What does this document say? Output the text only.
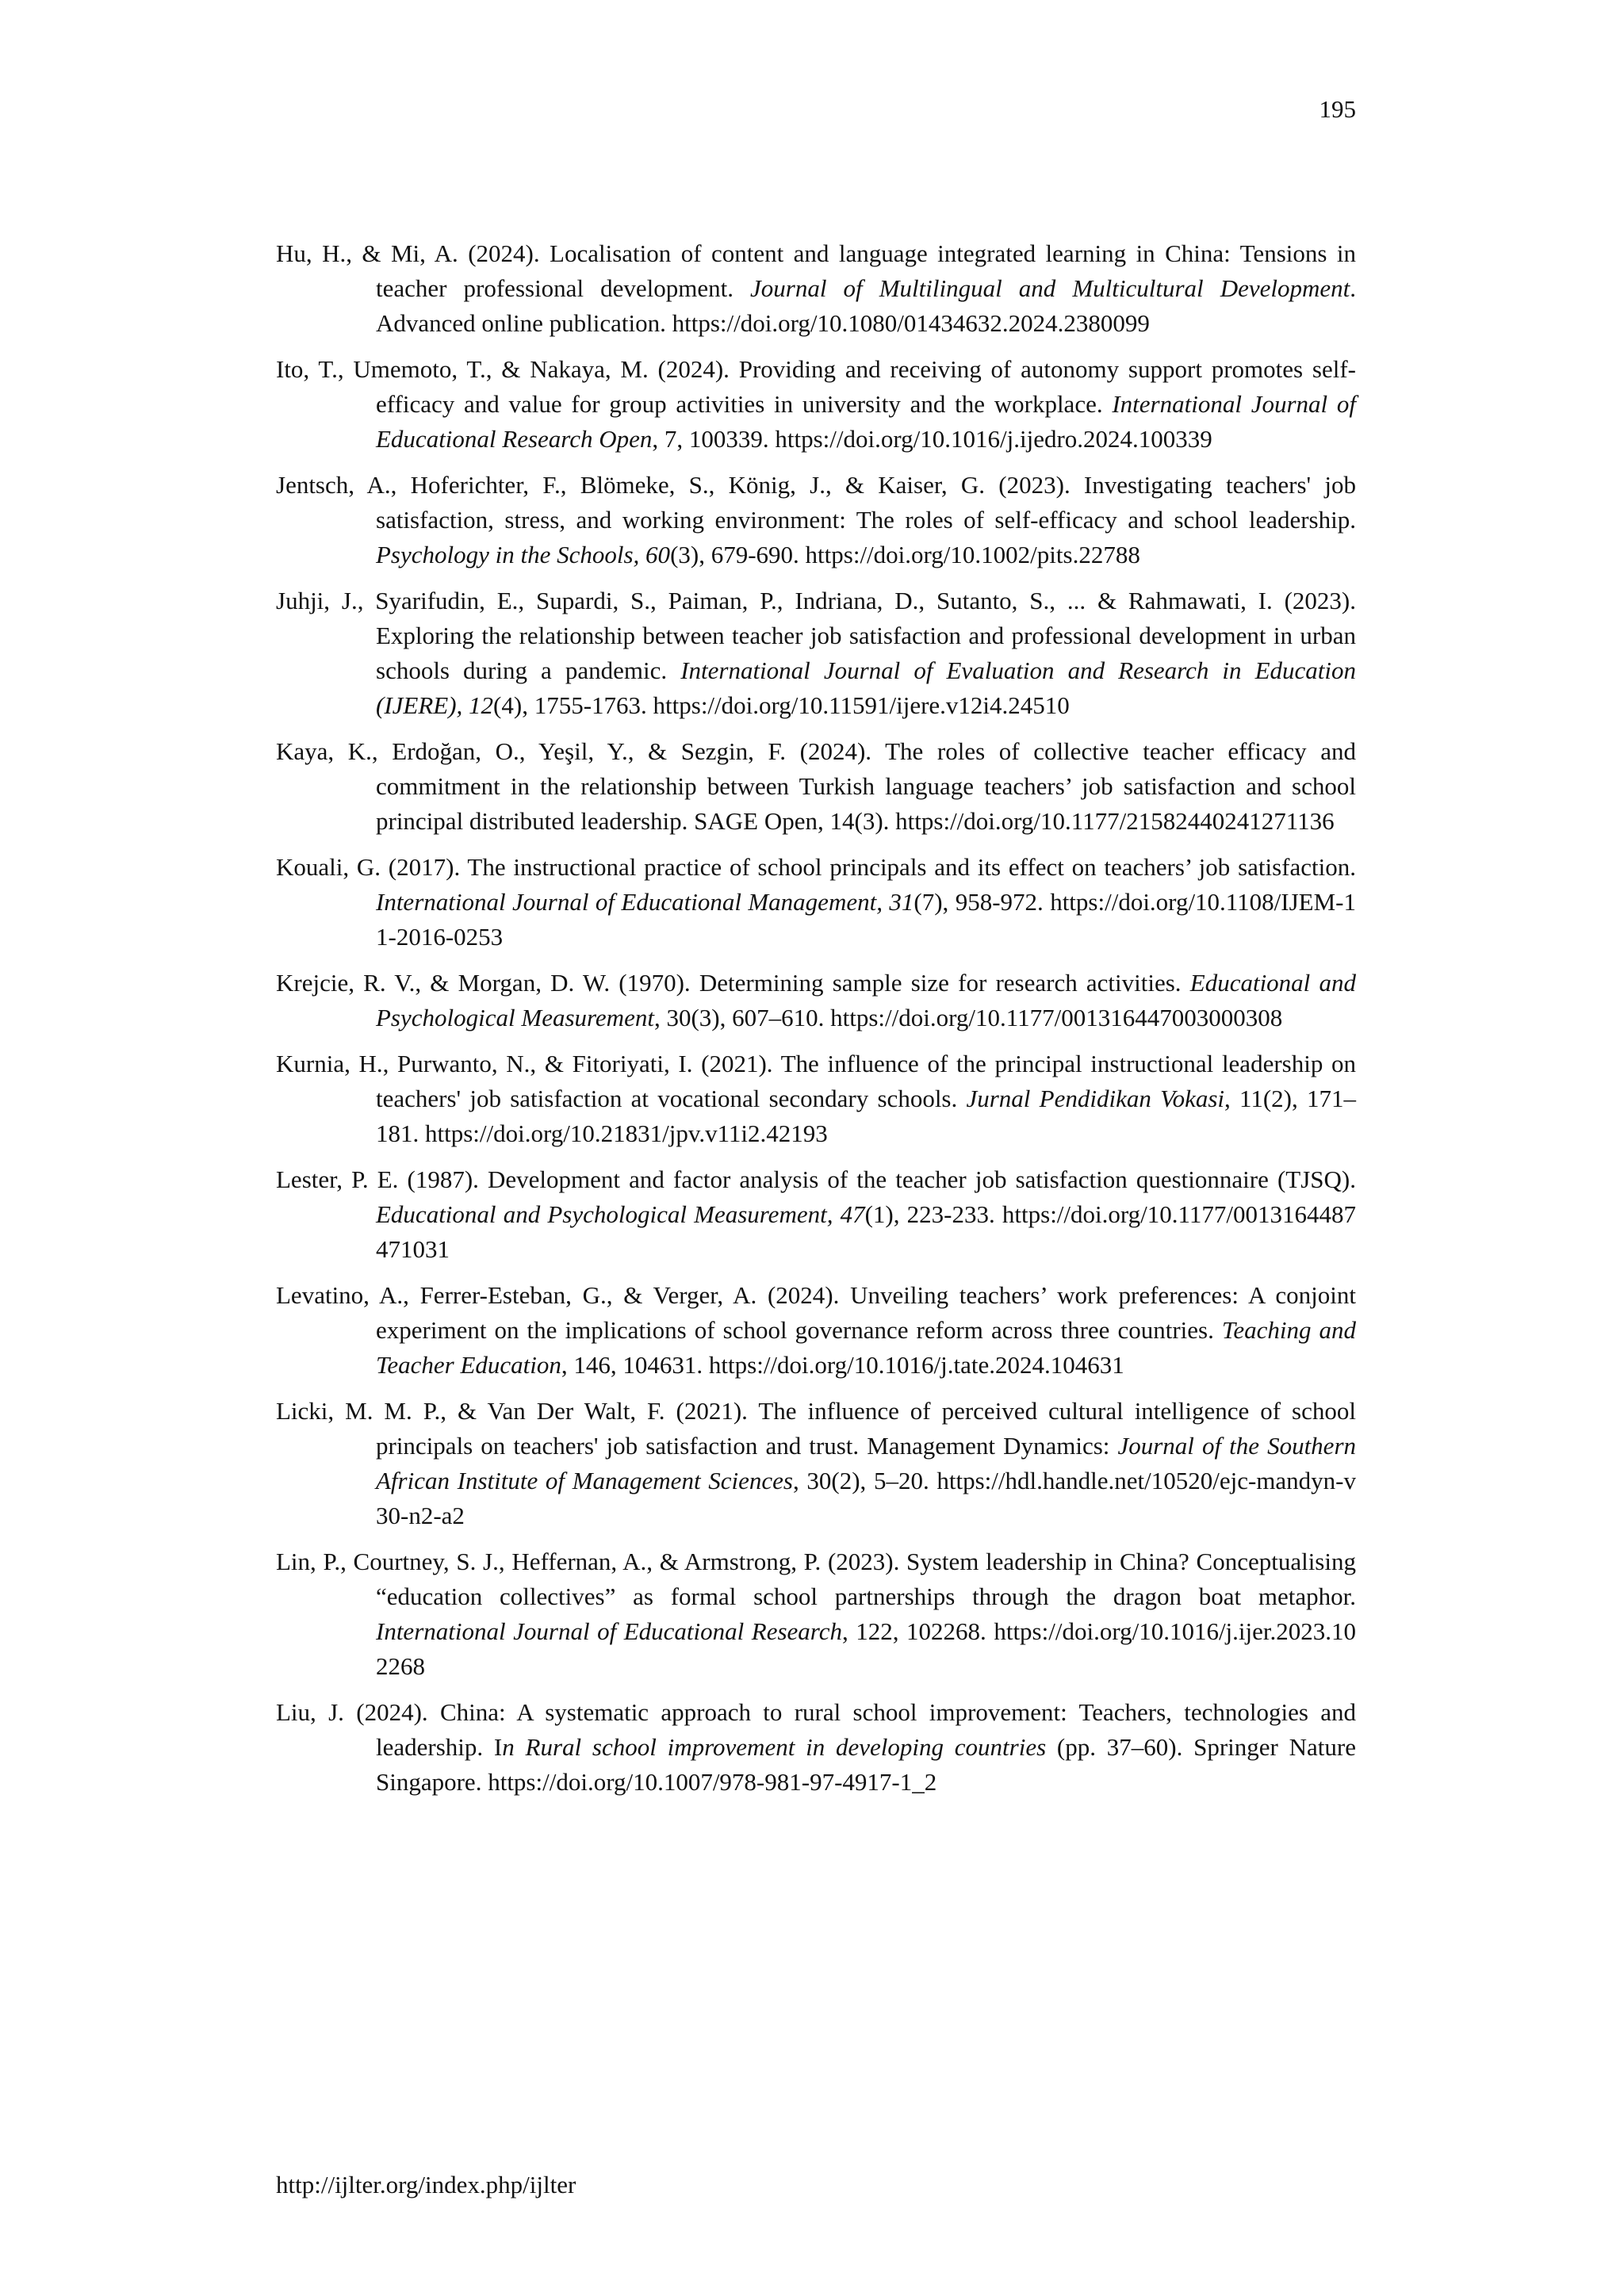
195

Hu, H., & Mi, A. (2024). Localisation of content and language integrated learning in China: Tensions in teacher professional development. Journal of Multilingual and Multicultural Development. Advanced online publication. https://doi.org/10.1080/01434632.2024.2380099

Ito, T., Umemoto, T., & Nakaya, M. (2024). Providing and receiving of autonomy support promotes self-efficacy and value for group activities in university and the workplace. International Journal of Educational Research Open, 7, 100339. https://doi.org/10.1016/j.ijedro.2024.100339

Jentsch, A., Hoferichter, F., Blömeke, S., König, J., & Kaiser, G. (2023). Investigating teachers' job satisfaction, stress, and working environment: The roles of self‐efficacy and school leadership. Psychology in the Schools, 60(3), 679-690. https://doi.org/10.1002/pits.22788

Juhji, J., Syarifudin, E., Supardi, S., Paiman, P., Indriana, D., Sutanto, S., ... & Rahmawati, I. (2023). Exploring the relationship between teacher job satisfaction and professional development in urban schools during a pandemic. International Journal of Evaluation and Research in Education (IJERE), 12(4), 1755-1763. https://doi.org/10.11591/ijere.v12i4.24510

Kaya, K., Erdoğan, O., Yeşil, Y., & Sezgin, F. (2024). The roles of collective teacher efficacy and commitment in the relationship between Turkish language teachers’ job satisfaction and school principal distributed leadership. SAGE Open, 14(3). https://doi.org/10.1177/21582440241271136

Kouali, G. (2017). The instructional practice of school principals and its effect on teachers’ job satisfaction. International Journal of Educational Management, 31(7), 958-972. https://doi.org/10.1108/IJEM-11-2016-0253

Krejcie, R. V., & Morgan, D. W. (1970). Determining sample size for research activities. Educational and Psychological Measurement, 30(3), 607–610. https://doi.org/10.1177/001316447003000308

Kurnia, H., Purwanto, N., & Fitoriyati, I. (2021). The influence of the principal instructional leadership on teachers' job satisfaction at vocational secondary schools. Jurnal Pendidikan Vokasi, 11(2), 171–181. https://doi.org/10.21831/jpv.v11i2.42193

Lester, P. E. (1987). Development and factor analysis of the teacher job satisfaction questionnaire (TJSQ). Educational and Psychological Measurement, 47(1), 223-233. https://doi.org/10.1177/0013164487471031

Levatino, A., Ferrer-Esteban, G., & Verger, A. (2024). Unveiling teachers’ work preferences: A conjoint experiment on the implications of school governance reform across three countries. Teaching and Teacher Education, 146, 104631. https://doi.org/10.1016/j.tate.2024.104631

Licki, M. M. P., & Van Der Walt, F. (2021). The influence of perceived cultural intelligence of school principals on teachers' job satisfaction and trust. Management Dynamics: Journal of the Southern African Institute of Management Sciences, 30(2), 5–20. https://hdl.handle.net/10520/ejc-mandyn-v30-n2-a2

Lin, P., Courtney, S. J., Heffernan, A., & Armstrong, P. (2023). System leadership in China? Conceptualising “education collectives” as formal school partnerships through the dragon boat metaphor. International Journal of Educational Research, 122, 102268. https://doi.org/10.1016/j.ijer.2023.102268

Liu, J. (2024). China: A systematic approach to rural school improvement: Teachers, technologies and leadership. In Rural school improvement in developing countries (pp. 37–60). Springer Nature Singapore. https://doi.org/10.1007/978-981-97-4917-1_2

http://ijlter.org/index.php/ijlter
